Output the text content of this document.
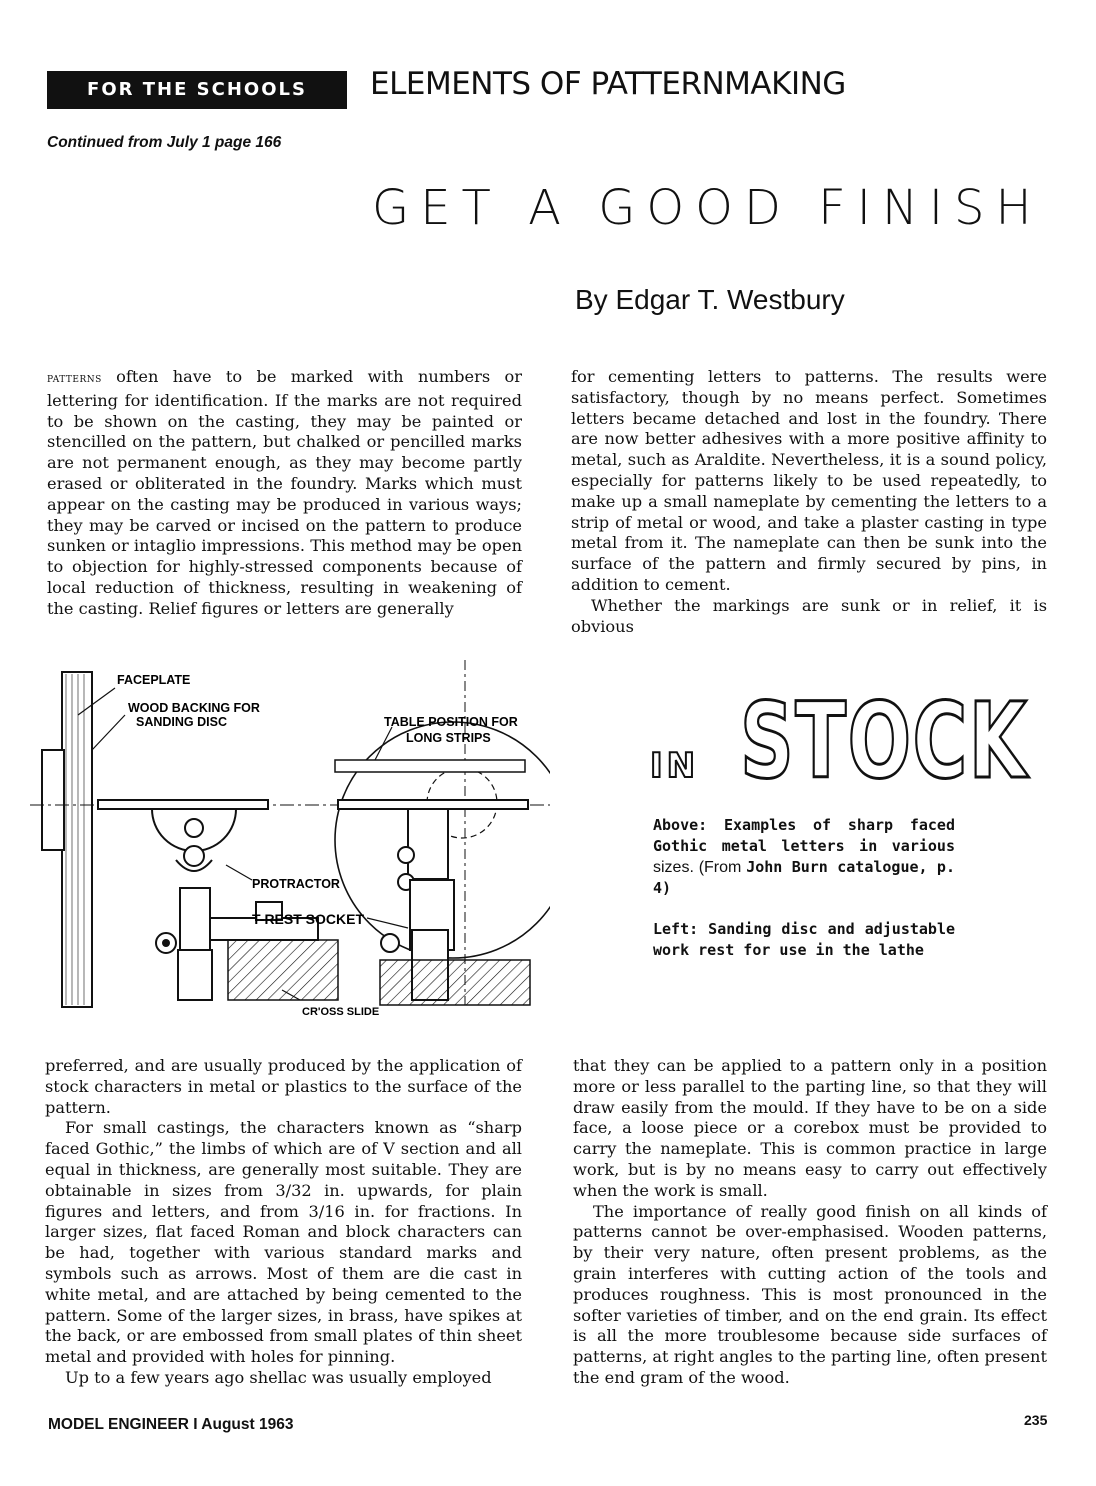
FOR THE SCHOOLS	ELEMENTS OF PATTERNMAKING
Continued from July 1 page 166
GET A GOOD FINISH
By Edgar T. Westbury

PATTERNS often have to be marked with numbers or lettering for identification. If the marks are not required to be shown on the casting, they may be painted or stencilled on the pattern, but chalked or pencilled marks are not permanent enough, as they may become partly erased or obliterated in the foundry. Marks which must appear on the casting may be produced in various ways; they may be carved or incised on the pattern to produce sunken or intaglio impressions. This method may be open to objection for highly-stressed components because of local reduction of thickness, resulting in weakening of the casting. Relief figures or letters are generally

for cementing letters to patterns. The results were satisfactory, though by no means perfect. Sometimes letters became detached and lost in the foundry. There are now better adhesives with a more positive affinity to metal, such as Araldite. Nevertheless, it is a sound policy, especially for patterns likely to be used repeatedly, to make up a small nameplate by cementing the letters to a strip of metal or wood, and take a plaster casting in type metal from it. The nameplate can then be sunk into the surface of the pattern and firmly secured by pins, in addition to cement.

Whether the markings are sunk or in relief, it is obvious

FACEPLATE
WOOD BACKING FOR
SANDING DISC	TABLE POSITION FOR
LONG STRIPS
PROTRACTOR
T-REST SOCKET
CR'OSS SLIDE
IN STOCK
Above: Examples of sharp faced Gothic metal letters in various sizes. (From John Burn catalogue, p. 4)
Left: Sanding disc and adjustable work rest for use in the lathe

preferred, and are usually produced by the application of stock characters in metal or plastics to the surface of the pattern.

For small castings, the characters known as “sharp faced Gothic,” the limbs of which are of V section and all equal in thickness, are generally most suitable. They are obtainable in sizes from 3/32 in. upwards, for plain figures and letters, and from 3/16 in. for fractions. In larger sizes, flat faced Roman and block characters can be had, together with various standard marks and symbols such as arrows. Most of them are die cast in white metal, and are attached by being cemented to the pattern. Some of the larger sizes, in brass, have spikes at the back, or are embossed from small plates of thin sheet metal and provided with holes for pinning.

Up to a few years ago shellac was usually employed

that they can be applied to a pattern only in a position more or less parallel to the parting line, so that they will draw easily from the mould. If they have to be on a side face, a loose piece or a corebox must be provided to carry the nameplate. This is common practice in large work, but is by no means easy to carry out effectively when the work is small.

The importance of really good finish on all kinds of patterns cannot be over-emphasised. Wooden patterns, by their very nature, often present problems, as the grain interferes with cutting action of the tools and produces roughness. This is most pronounced in the softer varieties of timber, and on the end grain. Its effect is all the more troublesome because side surfaces of patterns, at right angles to the parting line, often present the end gram of the wood.

MODEL ENGINEER I August 1963	235
